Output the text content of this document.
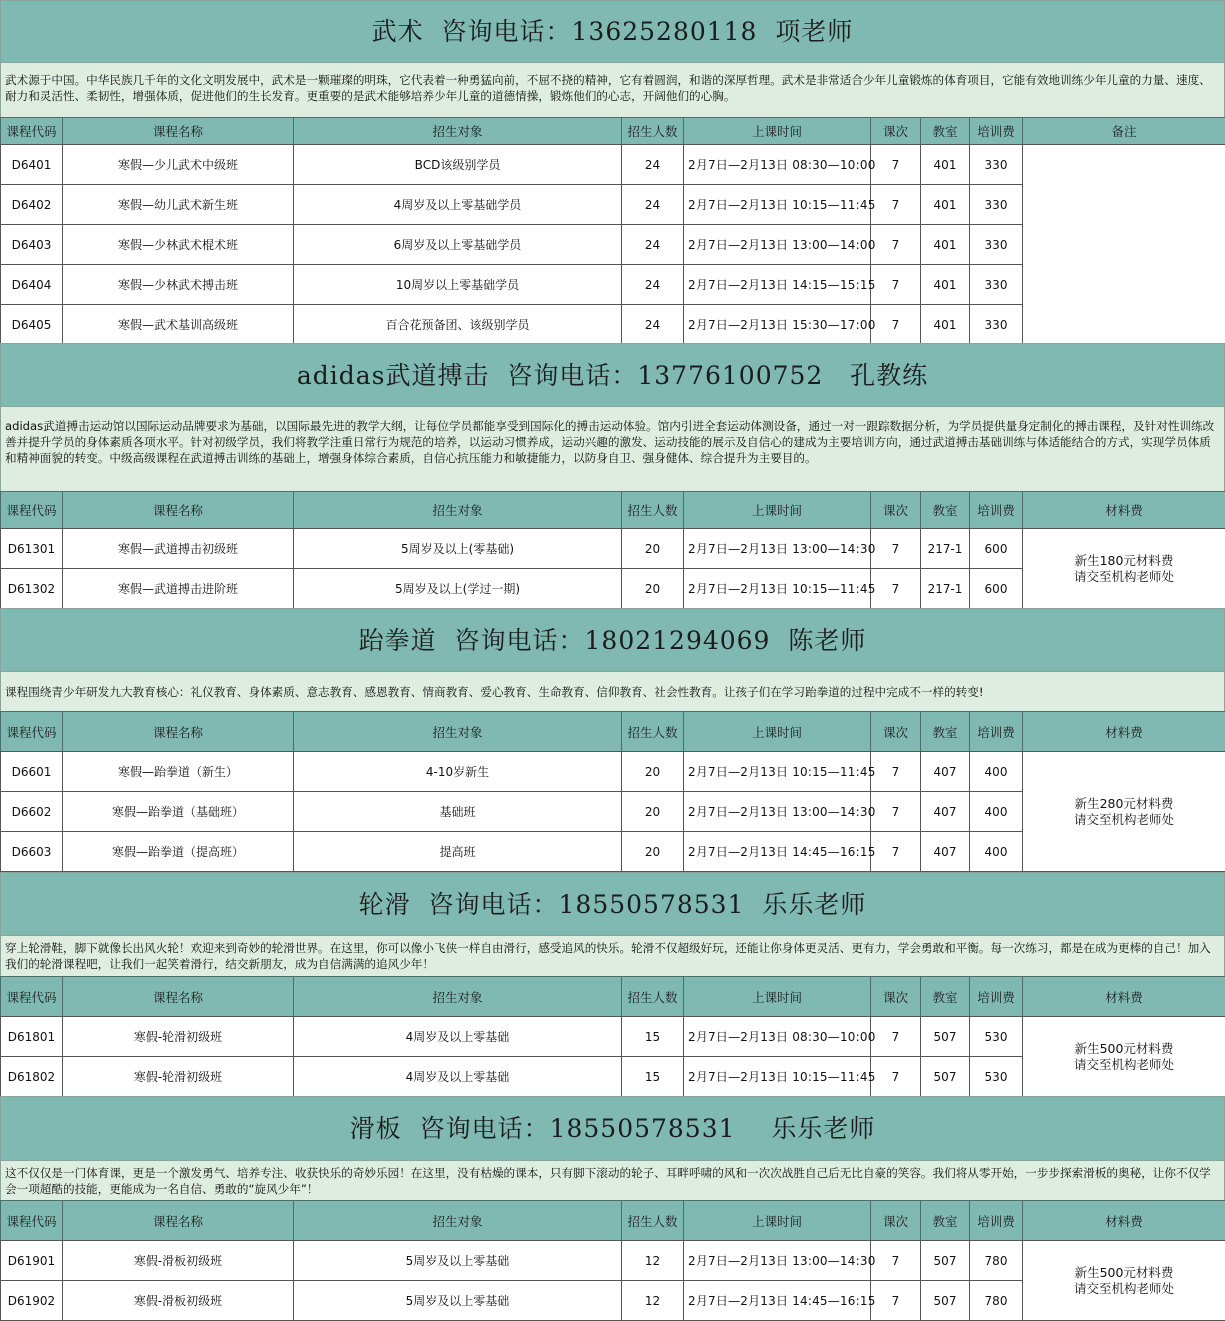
武术  咨询电话：13625280118  项老师
武术源于中国。中华民族几千年的文化文明发展中，武术是一颗璀璨的明珠，它代表着一种勇猛向前，不屈不挠的精神，它有着圆润，和谐的深厚哲理。武术是非常适合少年儿童锻炼的体育项目，它能有效地训练少年儿童的力量、速度、耐力和灵活性、柔韧性，增强体质，促进他们的生长发育。更重要的是武术能够培养少年儿童的道德情操，锻炼他们的心志，开阔他们的心胸。
课程代码	课程名称	招生对象	招生人数	上课时间	课次	教室	培训费	备注
D6401	寒假—少儿武术中级班	BCD该级别学员	24	2月7日—2月13日 08:30—10:00	7	401	330	
D6402	寒假—幼儿武术新生班	4周岁及以上零基础学员	24	2月7日—2月13日 10:15—11:45	7	401	330	
D6403	寒假—少林武术棍术班	6周岁及以上零基础学员	24	2月7日—2月13日 13:00—14:00	7	401	330	
D6404	寒假—少林武术搏击班	10周岁以上零基础学员	24	2月7日—2月13日 14:15—15:15	7	401	330	
D6405	寒假—武术基训高级班	百合花预备团、该级别学员	24	2月7日—2月13日 15:30—17:00	7	401	330	
adidas武道搏击  咨询电话：13776100752   孔教练
adidas武道搏击运动馆以国际运动品牌要求为基础，以国际最先进的教学大纲，让每位学员都能享受到国际化的搏击运动体验。馆内引进全套运动体测设备，通过一对一跟踪数据分析，为学员提供量身定制化的搏击课程，及针对性训练改善并提升学员的身体素质各项水平。针对初级学员，我们将教学注重日常行为规范的培养，以运动习惯养成，运动兴趣的激发、运动技能的展示及自信心的建成为主要培训方向，通过武道搏击基础训练与体适能结合的方式，实现学员体质和精神面貌的转变。中级高级课程在武道搏击训练的基础上，增强身体综合素质，自信心抗压能力和敏捷能力，以防身自卫、强身健体、综合提升为主要目的。
课程代码	课程名称	招生对象	招生人数	上课时间	课次	教室	培训费	材料费
D61301	寒假—武道搏击初级班	5周岁及以上(零基础)	20	2月7日—2月13日 13:00—14:30	7	217-1	600	新生180元材料费
请交至机构老师处
D61302	寒假—武道搏击进阶班	5周岁及以上(学过一期)	20	2月7日—2月13日 10:15—11:45	7	217-1	600	
跆拳道  咨询电话：18021294069  陈老师
课程围绕青少年研发九大教育核心：礼仪教育、身体素质、意志教育、感恩教育、情商教育、爱心教育、生命教育、信仰教育、社会性教育。让孩子们在学习跆拳道的过程中完成不一样的转变!
课程代码	课程名称	招生对象	招生人数	上课时间	课次	教室	培训费	材料费
D6601	寒假—跆拳道（新生）	4-10岁新生	20	2月7日—2月13日 10:15—11:45	7	407	400	新生280元材料费
请交至机构老师处
D6602	寒假—跆拳道（基础班）	基础班	20	2月7日—2月13日 13:00—14:30	7	407	400	
D6603	寒假—跆拳道（提高班）	提高班	20	2月7日—2月13日 14:45—16:15	7	407	400	
轮滑  咨询电话：18550578531  乐乐老师
穿上轮滑鞋，脚下就像长出风火轮！欢迎来到奇妙的轮滑世界。在这里，你可以像小飞侠一样自由滑行，感受追风的快乐。轮滑不仅超级好玩，还能让你身体更灵活、更有力，学会勇敢和平衡。每一次练习，都是在成为更棒的自己！加入我们的轮滑课程吧，让我们一起笑着滑行，结交新朋友，成为自信满满的追风少年！
课程代码	课程名称	招生对象	招生人数	上课时间	课次	教室	培训费	材料费
D61801	寒假-轮滑初级班	4周岁及以上零基础	15	2月7日—2月13日 08:30—10:00	7	507	530	新生500元材料费
请交至机构老师处
D61802	寒假-轮滑初级班	4周岁及以上零基础	15	2月7日—2月13日 10:15—11:45	7	507	530	
滑板  咨询电话：18550578531    乐乐老师
这不仅仅是一门体育课，更是一个激发勇气、培养专注、收获快乐的奇妙乐园！在这里，没有枯燥的课本，只有脚下滚动的轮子、耳畔呼啸的风和一次次战胜自己后无比自豪的笑容。我们将从零开始，一步步探索滑板的奥秘，让你不仅学会一项超酷的技能，更能成为一名自信、勇敢的“旋风少年”！
课程代码	课程名称	招生对象	招生人数	上课时间	课次	教室	培训费	材料费
D61901	寒假-滑板初级班	5周岁及以上零基础	12	2月7日—2月13日 13:00—14:30	7	507	780	新生500元材料费
请交至机构老师处
D61902	寒假-滑板初级班	5周岁及以上零基础	12	2月7日—2月13日 14:45—16:15	7	507	780	
